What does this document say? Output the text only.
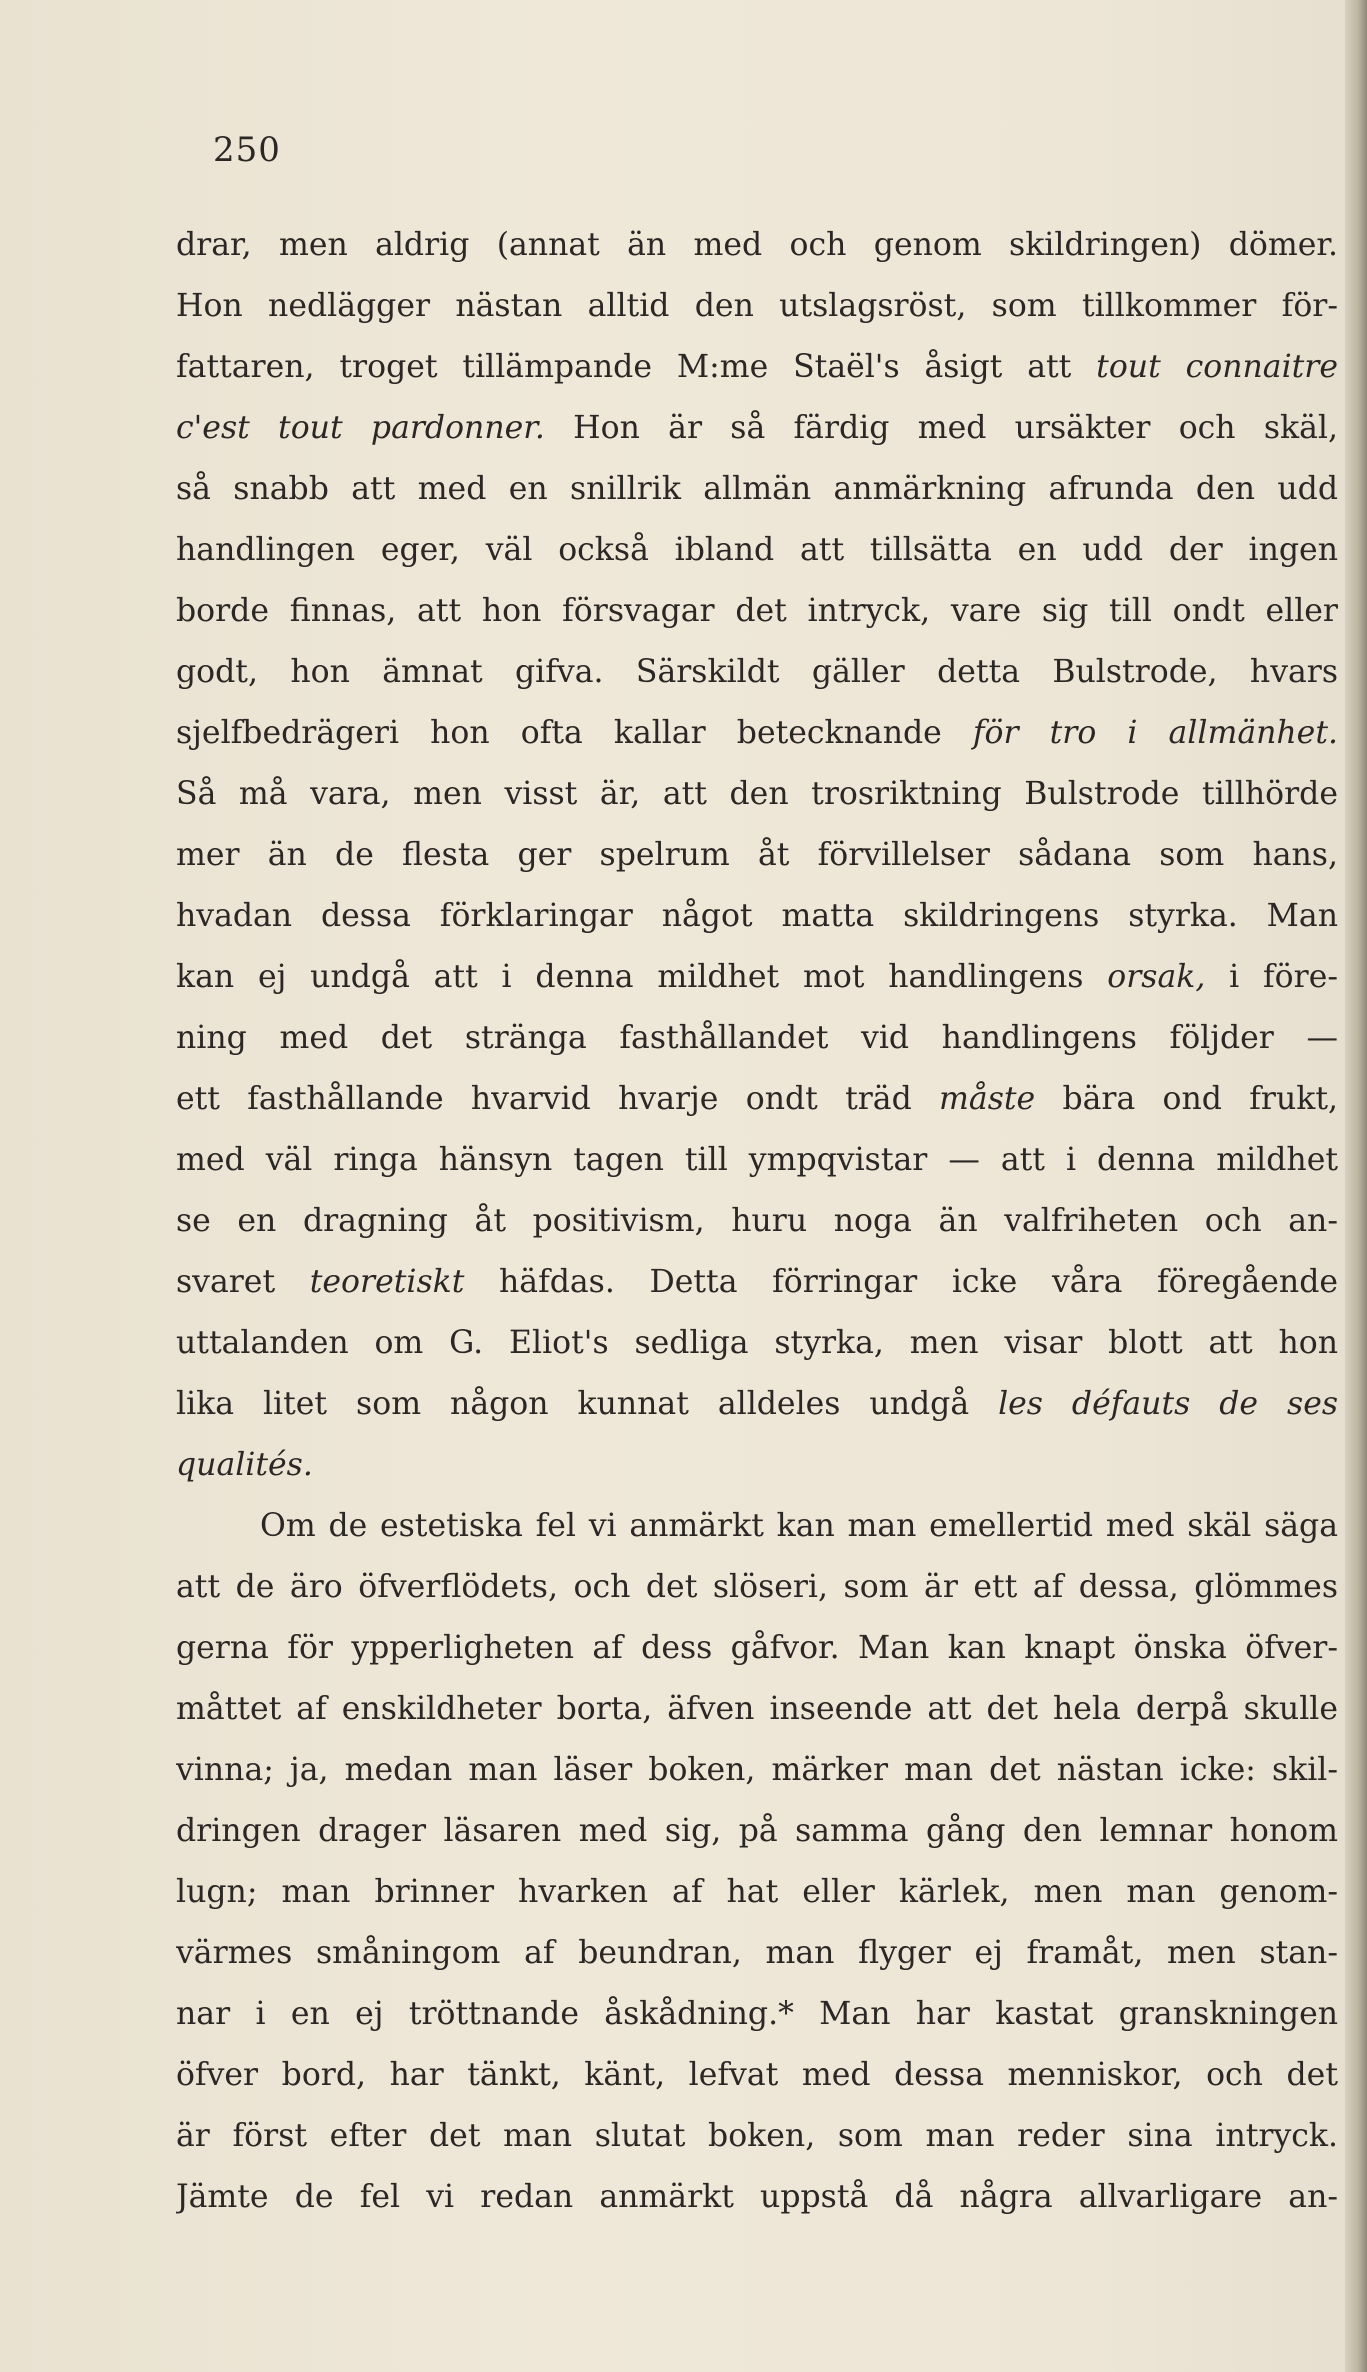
250
drar, men aldrig (annat än med och genom skildringen) dömer.
Hon nedlägger nästan alltid den utslagsröst, som tillkommer för-
fattaren, troget tillämpande M:me Staël's åsigt att tout connaitre
c'est tout pardonner. Hon är så färdig med ursäkter och skäl,
så snabb att med en snillrik allmän anmärkning afrunda den udd
handlingen eger, väl också ibland att tillsätta en udd der ingen
borde finnas, att hon försvagar det intryck, vare sig till ondt eller
godt, hon ämnat gifva. Särskildt gäller detta Bulstrode, hvars
sjelfbedrägeri hon ofta kallar betecknande för tro i allmänhet.
Så må vara, men visst är, att den trosriktning Bulstrode tillhörde
mer än de flesta ger spelrum åt förvillelser sådana som hans,
hvadan dessa förklaringar något matta skildringens styrka. Man
kan ej undgå att i denna mildhet mot handlingens orsak, i före-
ning med det stränga fasthållandet vid handlingens följder —
ett fasthållande hvarvid hvarje ondt träd måste bära ond frukt,
med väl ringa hänsyn tagen till ympqvistar — att i denna mildhet
se en dragning åt positivism, huru noga än valfriheten och an-
svaret teoretiskt häfdas. Detta förringar icke våra föregående
uttalanden om G. Eliot's sedliga styrka, men visar blott att hon
lika litet som någon kunnat alldeles undgå les défauts de ses
qualités.
Om de estetiska fel vi anmärkt kan man emellertid med skäl säga
att de äro öfverflödets, och det slöseri, som är ett af dessa, glömmes
gerna för ypperligheten af dess gåfvor. Man kan knapt önska öfver-
måttet af enskildheter borta, äfven inseende att det hela derpå skulle
vinna; ja, medan man läser boken, märker man det nästan icke: skil-
dringen drager läsaren med sig, på samma gång den lemnar honom
lugn; man brinner hvarken af hat eller kärlek, men man genom-
värmes småningom af beundran, man flyger ej framåt, men stan-
nar i en ej tröttnande åskådning.* Man har kastat granskningen
öfver bord, har tänkt, känt, lefvat med dessa menniskor, och det
är först efter det man slutat boken, som man reder sina intryck.
Jämte de fel vi redan anmärkt uppstå då några allvarligare an-
